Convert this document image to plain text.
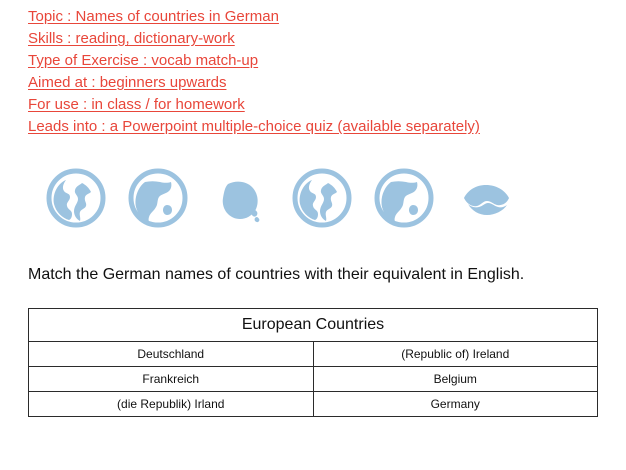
Topic : Names of countries in German
Skills : reading, dictionary-work
Type of Exercise : vocab match-up
Aimed at : beginners upwards
For use : in class / for homework
Leads into : a Powerpoint multiple-choice quiz (available separately)

Match the German names of countries with their equivalent in English.

European Countries	
Deutschland	(Republic of) Ireland
Frankreich	Belgium
(die Republik) Irland	Germany
